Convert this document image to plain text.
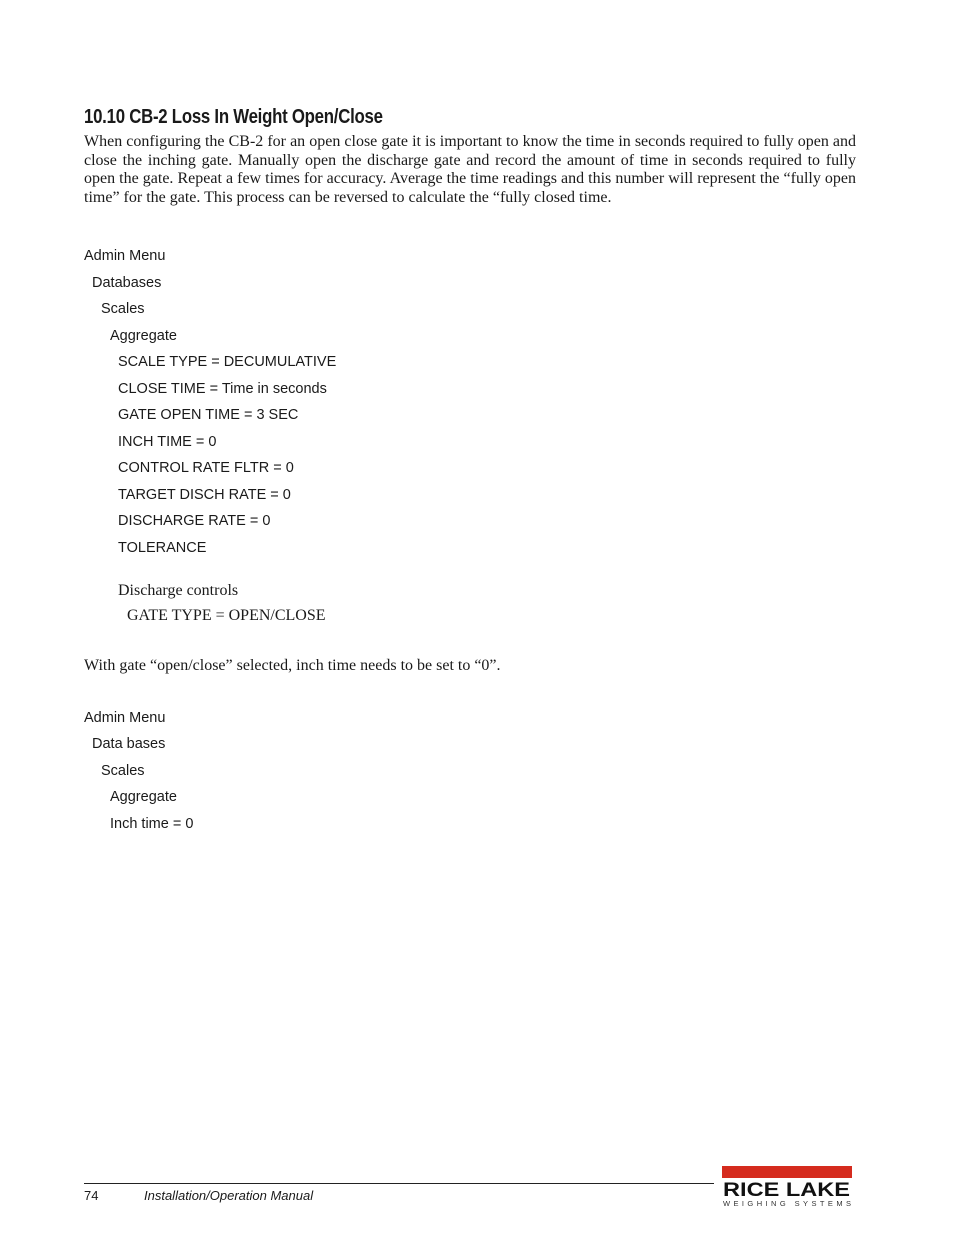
10.10 CB-2 Loss In Weight Open/Close

When configuring the CB-2 for an open close gate it is important to know the time in seconds required to fully open and close the inching gate. Manually open the discharge gate and record the amount of time in seconds required to fully open the gate. Repeat a few times for accuracy. Average the time readings and this number will represent the “fully open time” for the gate. This process can be reversed to calculate the “fully closed time.

Admin Menu
Databases
Scales
Aggregate
SCALE TYPE = DECUMULATIVE
CLOSE TIME = Time in seconds
GATE OPEN TIME = 3 SEC
INCH TIME = 0
CONTROL RATE FLTR = 0
TARGET DISCH RATE = 0
DISCHARGE RATE = 0
TOLERANCE
Discharge controls
GATE TYPE = OPEN/CLOSE
With gate “open/close” selected, inch time needs to be set to “0”.
Admin Menu
Data bases
Scales
Aggregate
Inch time = 0
74	Installation/Operation Manual	RICE LAKE
WEIGHING SYSTEMS
